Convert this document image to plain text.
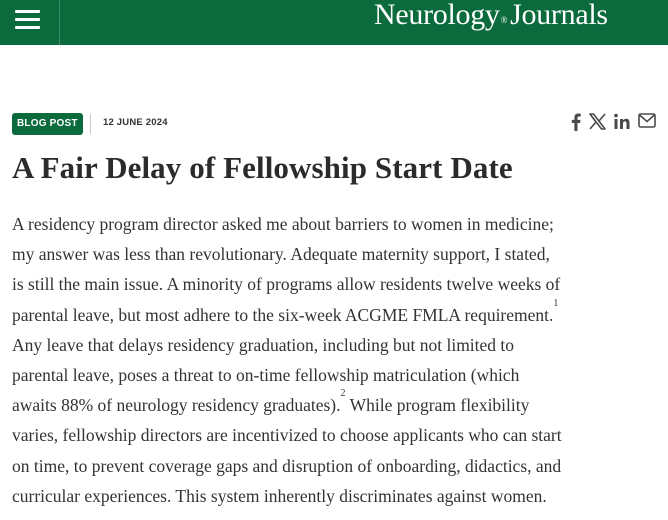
Neurology® Journals
BLOG POST	12 JUNE 2024
A Fair Delay of Fellowship Start Date
A residency program director asked me about barriers to women in medicine;
my answer was less than revolutionary. Adequate maternity support, I stated,
is still the main issue. A minority of programs allow residents twelve weeks of
parental leave, but most adhere to the six-week ACGME FMLA requirement.$^1$
Any leave that delays residency graduation, including but not limited to
parental leave, poses a threat to on-time fellowship matriculation (which
awaits 88% of neurology residency graduates).$^2$ While program flexibility
varies, fellowship directors are incentivized to choose applicants who can start
on time, to prevent coverage gaps and disruption of onboarding, didactics, and
curricular experiences. This system inherently discriminates against women.
